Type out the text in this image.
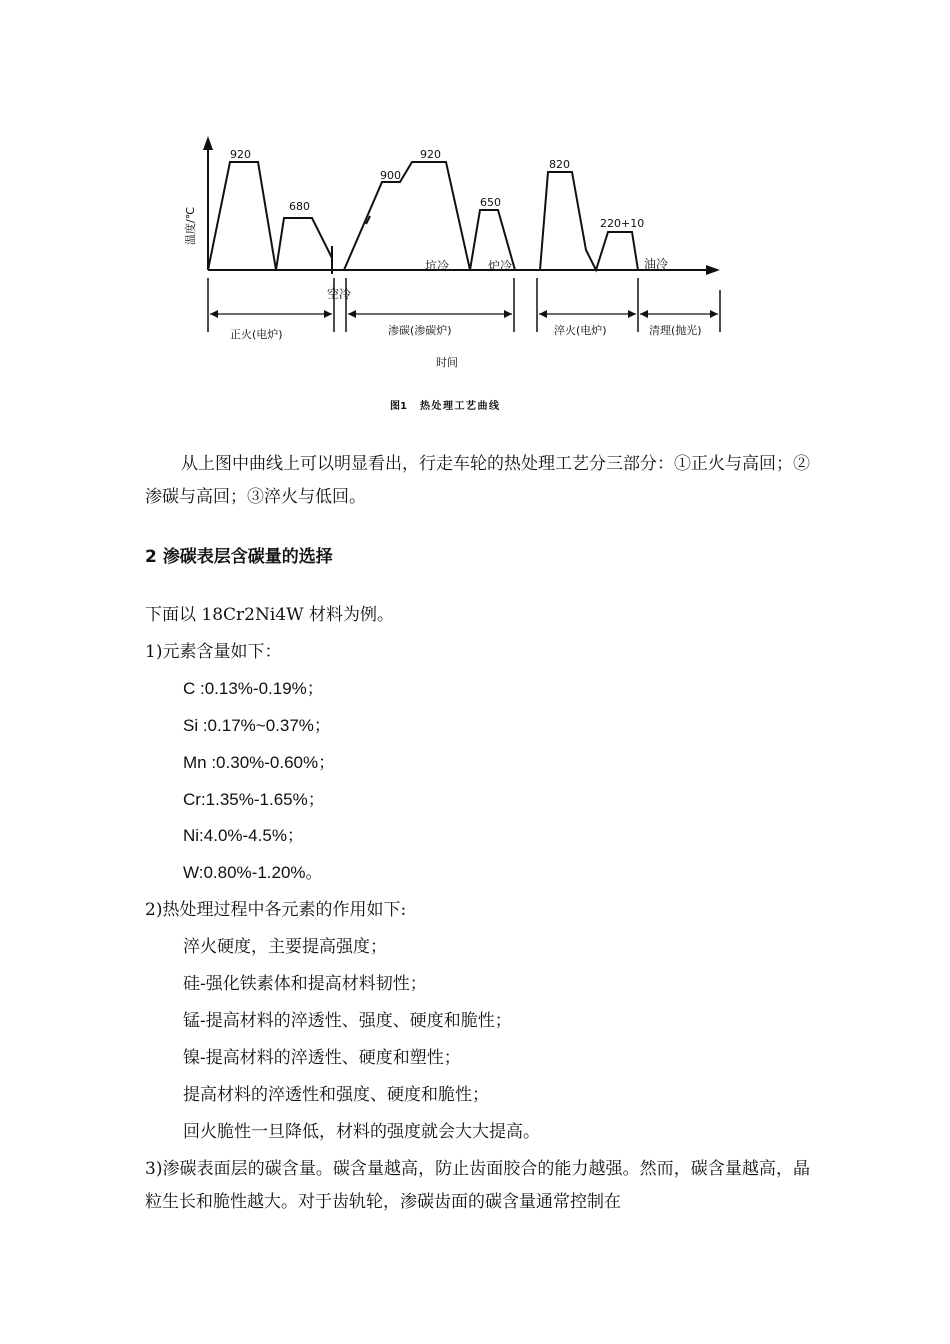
920
680
900
920
650
820
220+10
温度/℃
空冷
坑冷	炉冷	油冷
正火(电炉)	渗碳(渗碳炉)	淬火(电炉)	清理(抛光)
时间
图1 热处理工艺曲线
从上图中曲线上可以明显看出，行走车轮的热处理工艺分三部分：①正火与高回；②渗碳与高回；③淬火与低回。
2 渗碳表层含碳量的选择
下面以 18Cr2Ni4W 材料为例。
1)元素含量如下：
C :0.13%-0.19%；
Si :0.17%~0.37%；
Mn :0.30%-0.60%；
Cr:1.35%-1.65%；
Ni:4.0%-4.5%；
W:0.80%-1.20%。
2)热处理过程中各元素的作用如下:
淬火硬度，主要提高强度；
硅-强化铁素体和提高材料韧性；
锰-提高材料的淬透性、强度、硬度和脆性；
镍-提高材料的淬透性、硬度和塑性；
提高材料的淬透性和强度、硬度和脆性；
回火脆性一旦降低，材料的强度就会大大提高。
3)渗碳表面层的碳含量。碳含量越高，防止齿面胶合的能力越强。然而，碳含量越高，晶粒生长和脆性越大。对于齿轨轮，渗碳齿面的碳含量通常控制在
